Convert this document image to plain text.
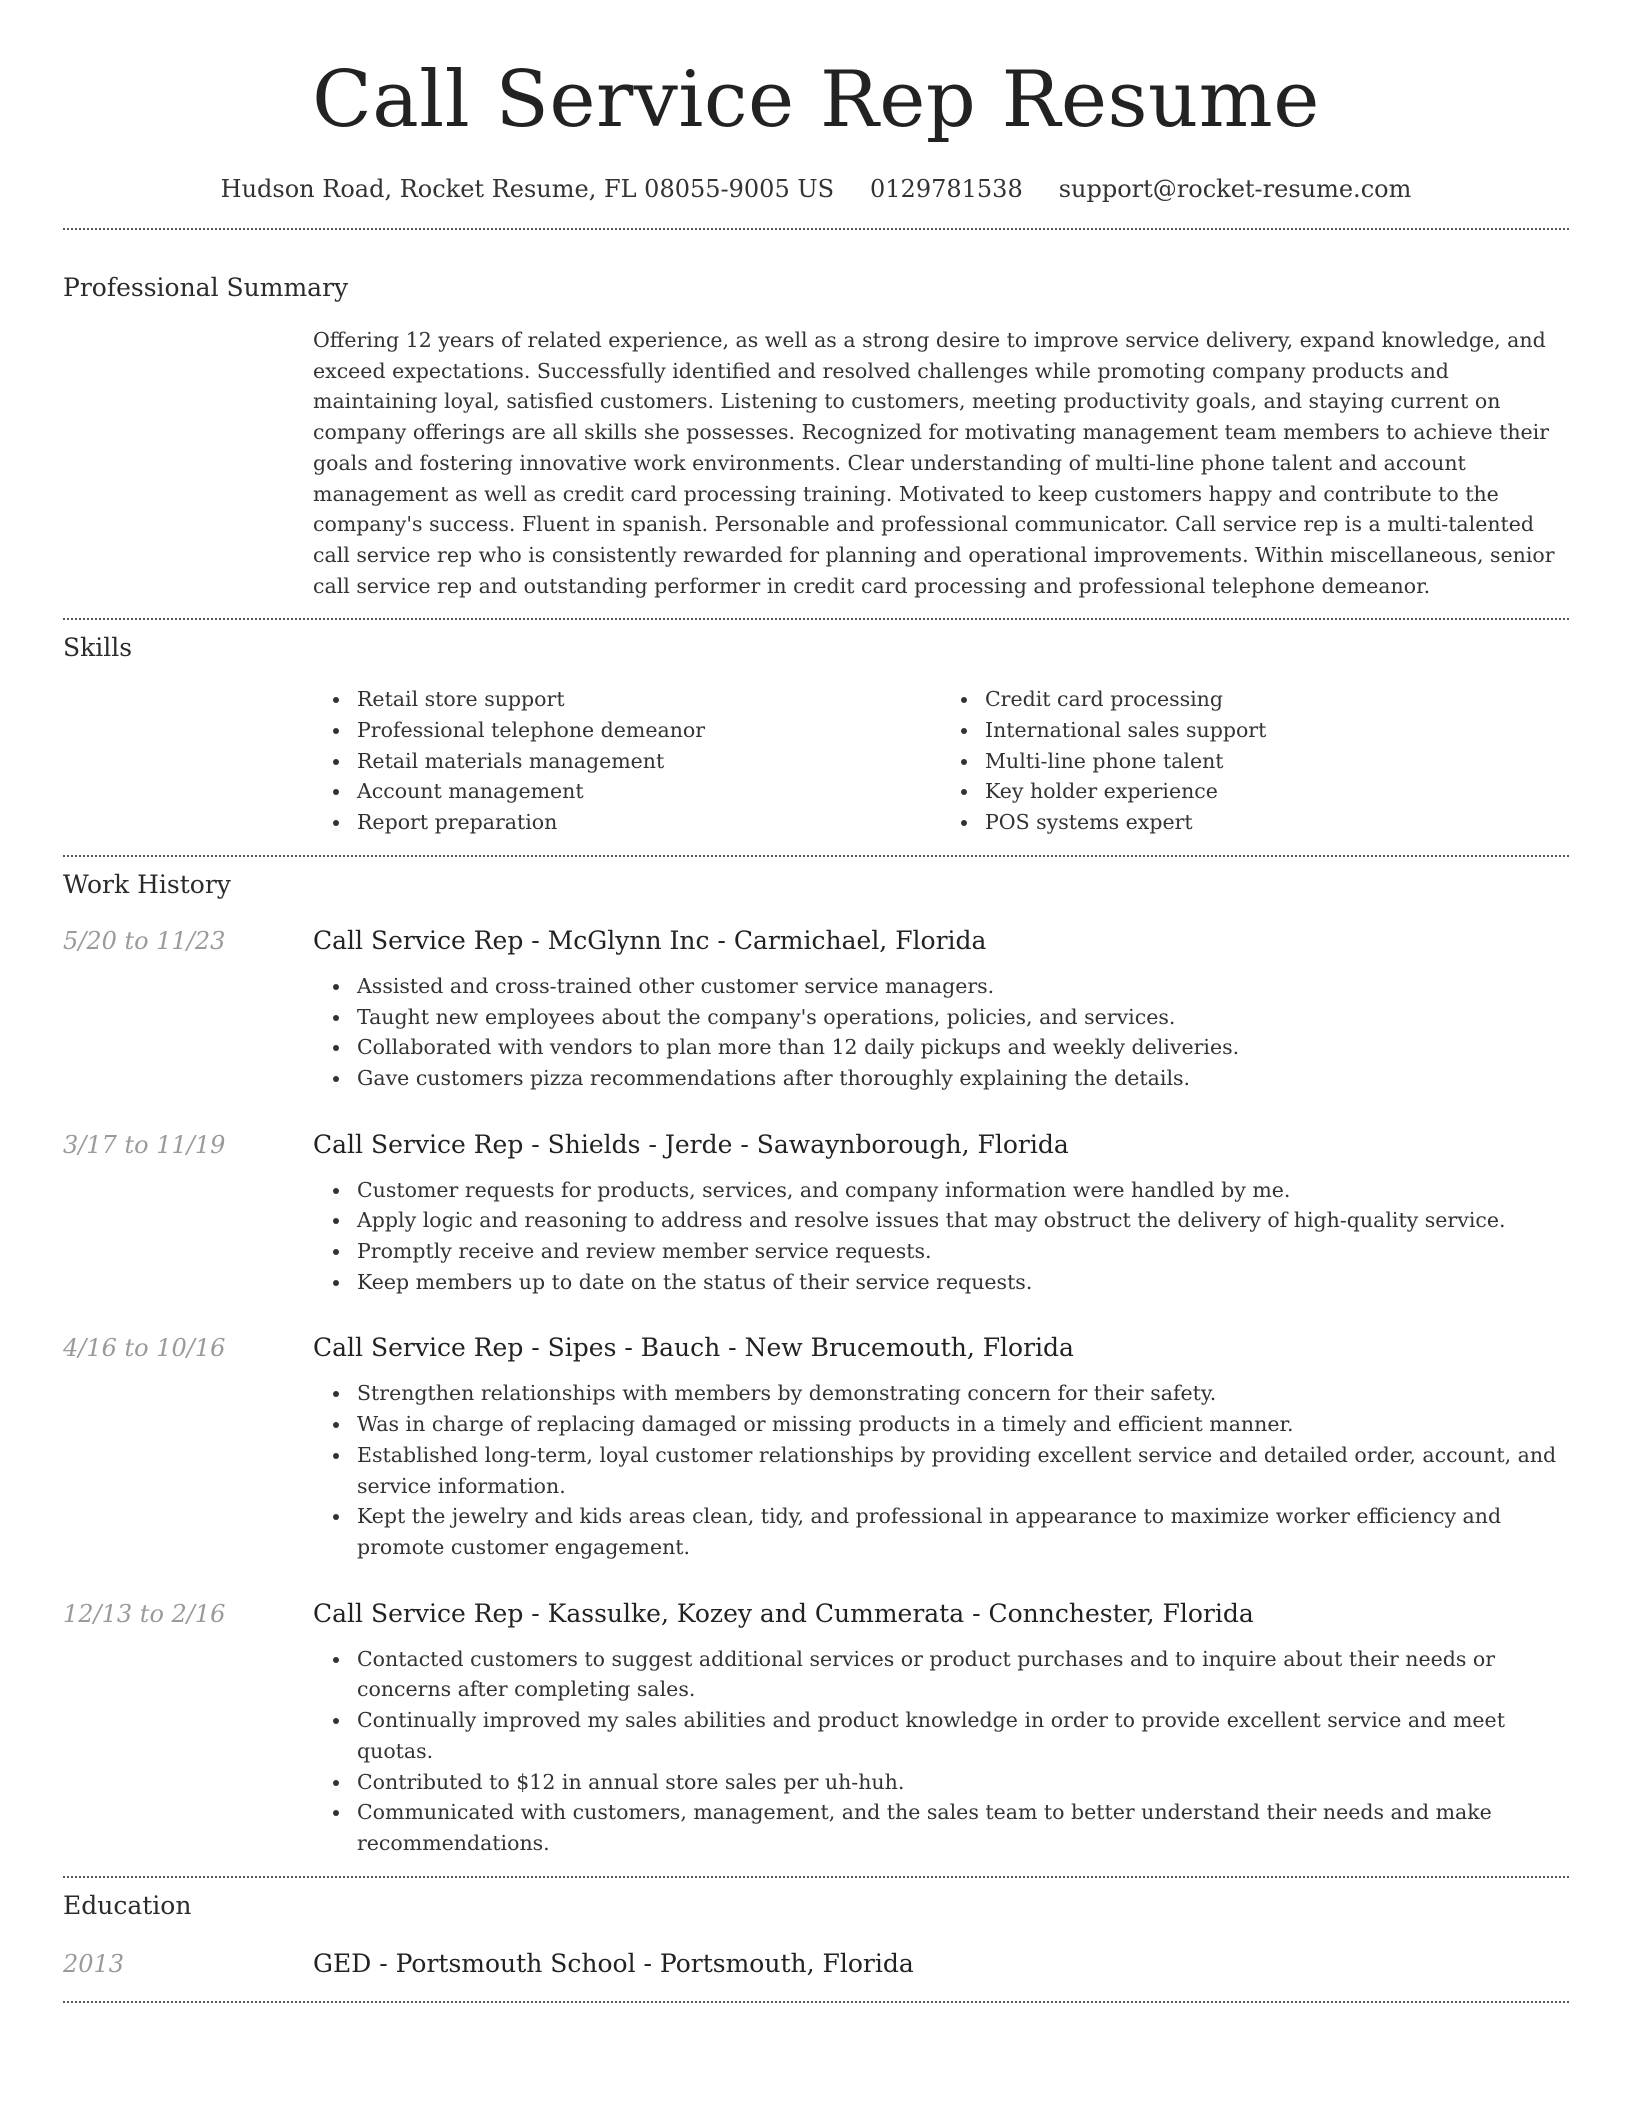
Call Service Rep Resume
Hudson Road, Rocket Resume, FL 08055-9005 US 0129781538 support@rocket-resume.com
Professional Summary

Offering 12 years of related experience, as well as a strong desire to improve service delivery, expand knowledge, and exceed expectations. Successfully identified and resolved challenges while promoting company products and maintaining loyal, satisfied customers. Listening to customers, meeting productivity goals, and staying current on company offerings are all skills she possesses. Recognized for motivating management team members to achieve their goals and fostering innovative work environments. Clear understanding of multi-line phone talent and account management as well as credit card processing training. Motivated to keep customers happy and contribute to the company's success. Fluent in spanish. Personable and professional communicator. Call service rep is a multi-talented call service rep who is consistently rewarded for planning and operational improvements. Within miscellaneous, senior call service rep and outstanding performer in credit card processing and professional telephone demeanor.

Skills
Retail store support
Professional telephone demeanor
Retail materials management
Account management
Report preparation
Credit card processing
International sales support
Multi-line phone talent
Key holder experience
POS systems expert
Work History
5/20 to 11/23	Call Service Rep - McGlynn Inc - Carmichael, Florida
Assisted and cross-trained other customer service managers.
Taught new employees about the company's operations, policies, and services.
Collaborated with vendors to plan more than 12 daily pickups and weekly deliveries.
Gave customers pizza recommendations after thoroughly explaining the details.
3/17 to 11/19	Call Service Rep - Shields - Jerde - Sawaynborough, Florida
Customer requests for products, services, and company information were handled by me.
Apply logic and reasoning to address and resolve issues that may obstruct the delivery of high-quality service.
Promptly receive and review member service requests.
Keep members up to date on the status of their service requests.
4/16 to 10/16	Call Service Rep - Sipes - Bauch - New Brucemouth, Florida
Strengthen relationships with members by demonstrating concern for their safety.
Was in charge of replacing damaged or missing products in a timely and efficient manner.
Established long-term, loyal customer relationships by providing excellent service and detailed order, account, and service information.
Kept the jewelry and kids areas clean, tidy, and professional in appearance to maximize worker efficiency and promote customer engagement.
12/13 to 2/16	Call Service Rep - Kassulke, Kozey and Cummerata - Connchester, Florida
Contacted customers to suggest additional services or product purchases and to inquire about their needs or concerns after completing sales.
Continually improved my sales abilities and product knowledge in order to provide excellent service and meet quotas.
Contributed to $12 in annual store sales per uh-huh.
Communicated with customers, management, and the sales team to better understand their needs and make recommendations.
Education
2013	GED - Portsmouth School - Portsmouth, Florida
